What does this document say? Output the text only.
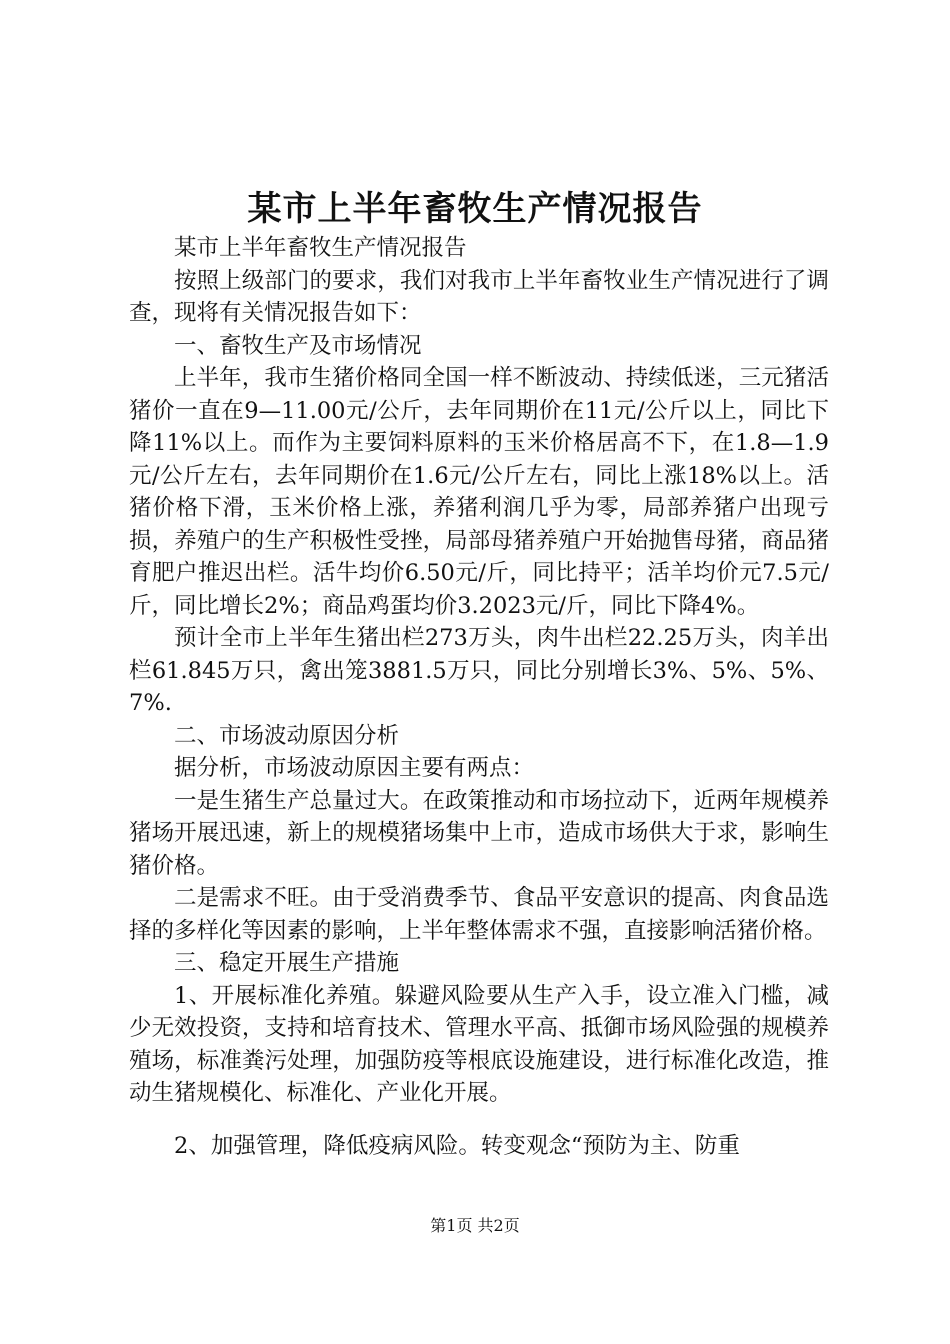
某市上半年畜牧生产情况报告

某市上半年畜牧生产情况报告

按照上级部门的要求，我们对我市上半年畜牧业生产情况进行了调查，现将有关情况报告如下：

一、畜牧生产及市场情况

上半年，我市生猪价格同全国一样不断波动、持续低迷，三元猪活猪价一直在9—11.00元/公斤，去年同期价在11元/公斤以上，同比下降11%以上。而作为主要饲料原料的玉米价格居高不下，在1.8—1.9元/公斤左右，去年同期价在1.6元/公斤左右，同比上涨18%以上。活猪价格下滑，玉米价格上涨，养猪利润几乎为零，局部养猪户出现亏损，养殖户的生产积极性受挫，局部母猪养殖户开始抛售母猪，商品猪育肥户推迟出栏。活牛均价6.50元/斤，同比持平；活羊均价元7.5元/斤，同比增长2%；商品鸡蛋均价3.2023元/斤，同比下降4%。

预计全市上半年生猪出栏273万头，肉牛出栏22.25万头，肉羊出栏61.845万只，禽出笼3881.5万只，同比分别增长3%、5%、5%、7%.

二、市场波动原因分析

据分析，市场波动原因主要有两点：

一是生猪生产总量过大。在政策推动和市场拉动下，近两年规模养猪场开展迅速，新上的规模猪场集中上市，造成市场供大于求，影响生猪价格。

二是需求不旺。由于受消费季节、食品平安意识的提高、肉食品选择的多样化等因素的影响，上半年整体需求不强，直接影响活猪价格。

三、稳定开展生产措施

1、开展标准化养殖。躲避风险要从生产入手，设立准入门槛，减少无效投资，支持和培育技术、管理水平高、抵御市场风险强的规模养殖场，标准粪污处理，加强防疫等根底设施建设，进行标准化改造，推动生猪规模化、标准化、产业化开展。

2、加强管理，降低疫病风险。转变观念“预防为主、防重

第1页 共2页
